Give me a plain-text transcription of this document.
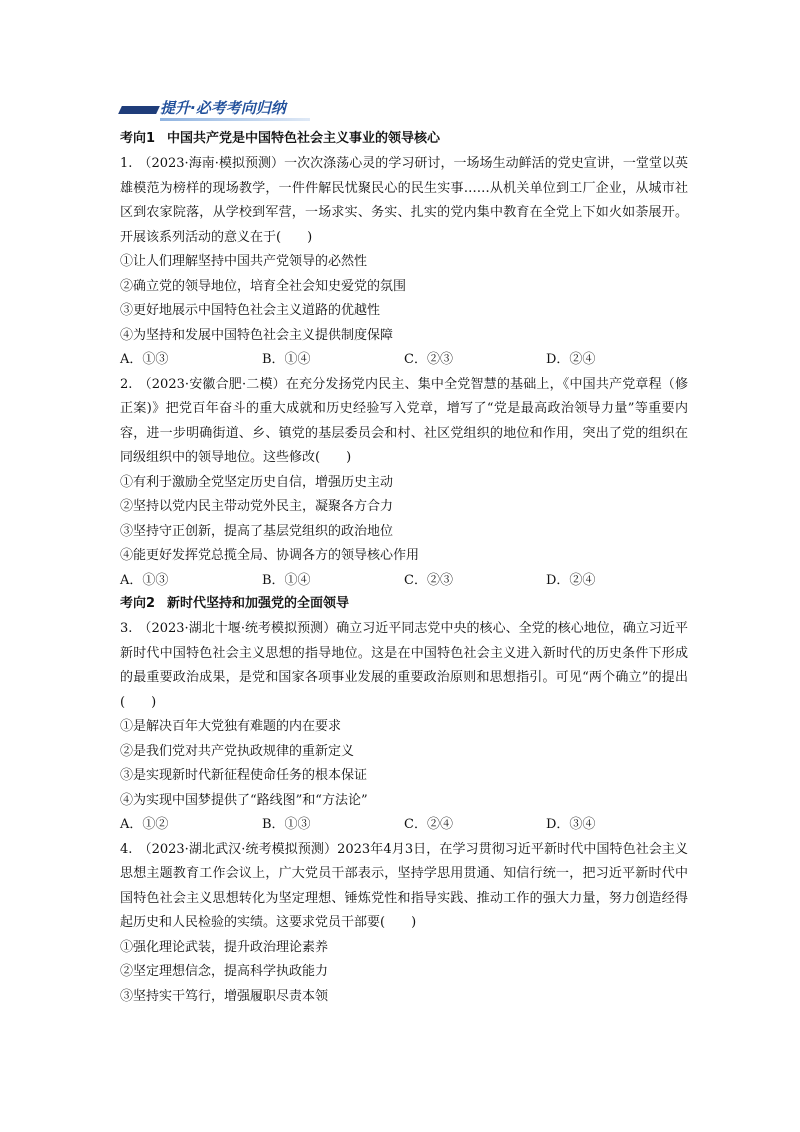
提升·必考考向归纳
考向1 中国共产党是中国特色社会主义事业的领导核心

1. （2023·海南·模拟预测）一次次涤荡心灵的学习研讨，一场场生动鲜活的党史宣讲，一堂堂以英雄模范为榜样的现场教学，一件件解民忧聚民心的民生实事……从机关单位到工厂企业，从城市社区到农家院落，从学校到军营，一场求实、务实、扎实的党内集中教育在全党上下如火如荼展开。开展该系列活动的意义在于(　　)

①让人们理解坚持中国共产党领导的必然性

②确立党的领导地位，培育全社会知史爱党的氛围

③更好地展示中国特色社会主义道路的优越性

④为坚持和发展中国特色社会主义提供制度保障

A．①③	B．①④	C．②③	D．②④

2. （2023·安徽合肥·二模）在充分发扬党内民主、集中全党智慧的基础上，《中国共产党章程（修正案)》把党百年奋斗的重大成就和历史经验写入党章，增写了“党是最高政治领导力量”等重要内容，进一步明确街道、乡、镇党的基层委员会和村、社区党组织的地位和作用，突出了党的组织在同级组织中的领导地位。这些修改(　　)

①有利于激励全党坚定历史自信，增强历史主动

②坚持以党内民主带动党外民主，凝聚各方合力

③坚持守正创新，提高了基层党组织的政治地位

④能更好发挥党总揽全局、协调各方的领导核心作用

A．①③	B．①④	C．②③	D．②④
考向2 新时代坚持和加强党的全面领导

3. （2023·湖北十堰·统考模拟预测）确立习近平同志党中央的核心、全党的核心地位，确立习近平新时代中国特色社会主义思想的指导地位。这是在中国特色社会主义进入新时代的历史条件下形成的最重要政治成果，是党和国家各项事业发展的重要政治原则和思想指引。可见“两个确立”的提出(　　)

①是解决百年大党独有难题的内在要求

②是我们党对共产党执政规律的重新定义

③是实现新时代新征程使命任务的根本保证

④为实现中国梦提供了“路线图”和“方法论”

A．①②	B．①③	C．②④	D．③④

4. （2023·湖北武汉·统考模拟预测）2023年4月3日，在学习贯彻习近平新时代中国特色社会主义思想主题教育工作会议上，广大党员干部表示，坚持学思用贯通、知信行统一，把习近平新时代中国特色社会主义思想转化为坚定理想、锤炼党性和指导实践、推动工作的强大力量，努力创造经得起历史和人民检验的实绩。这要求党员干部要(　　)

①强化理论武装，提升政治理论素养

②坚定理想信念，提高科学执政能力

③坚持实干笃行，增强履职尽责本领
